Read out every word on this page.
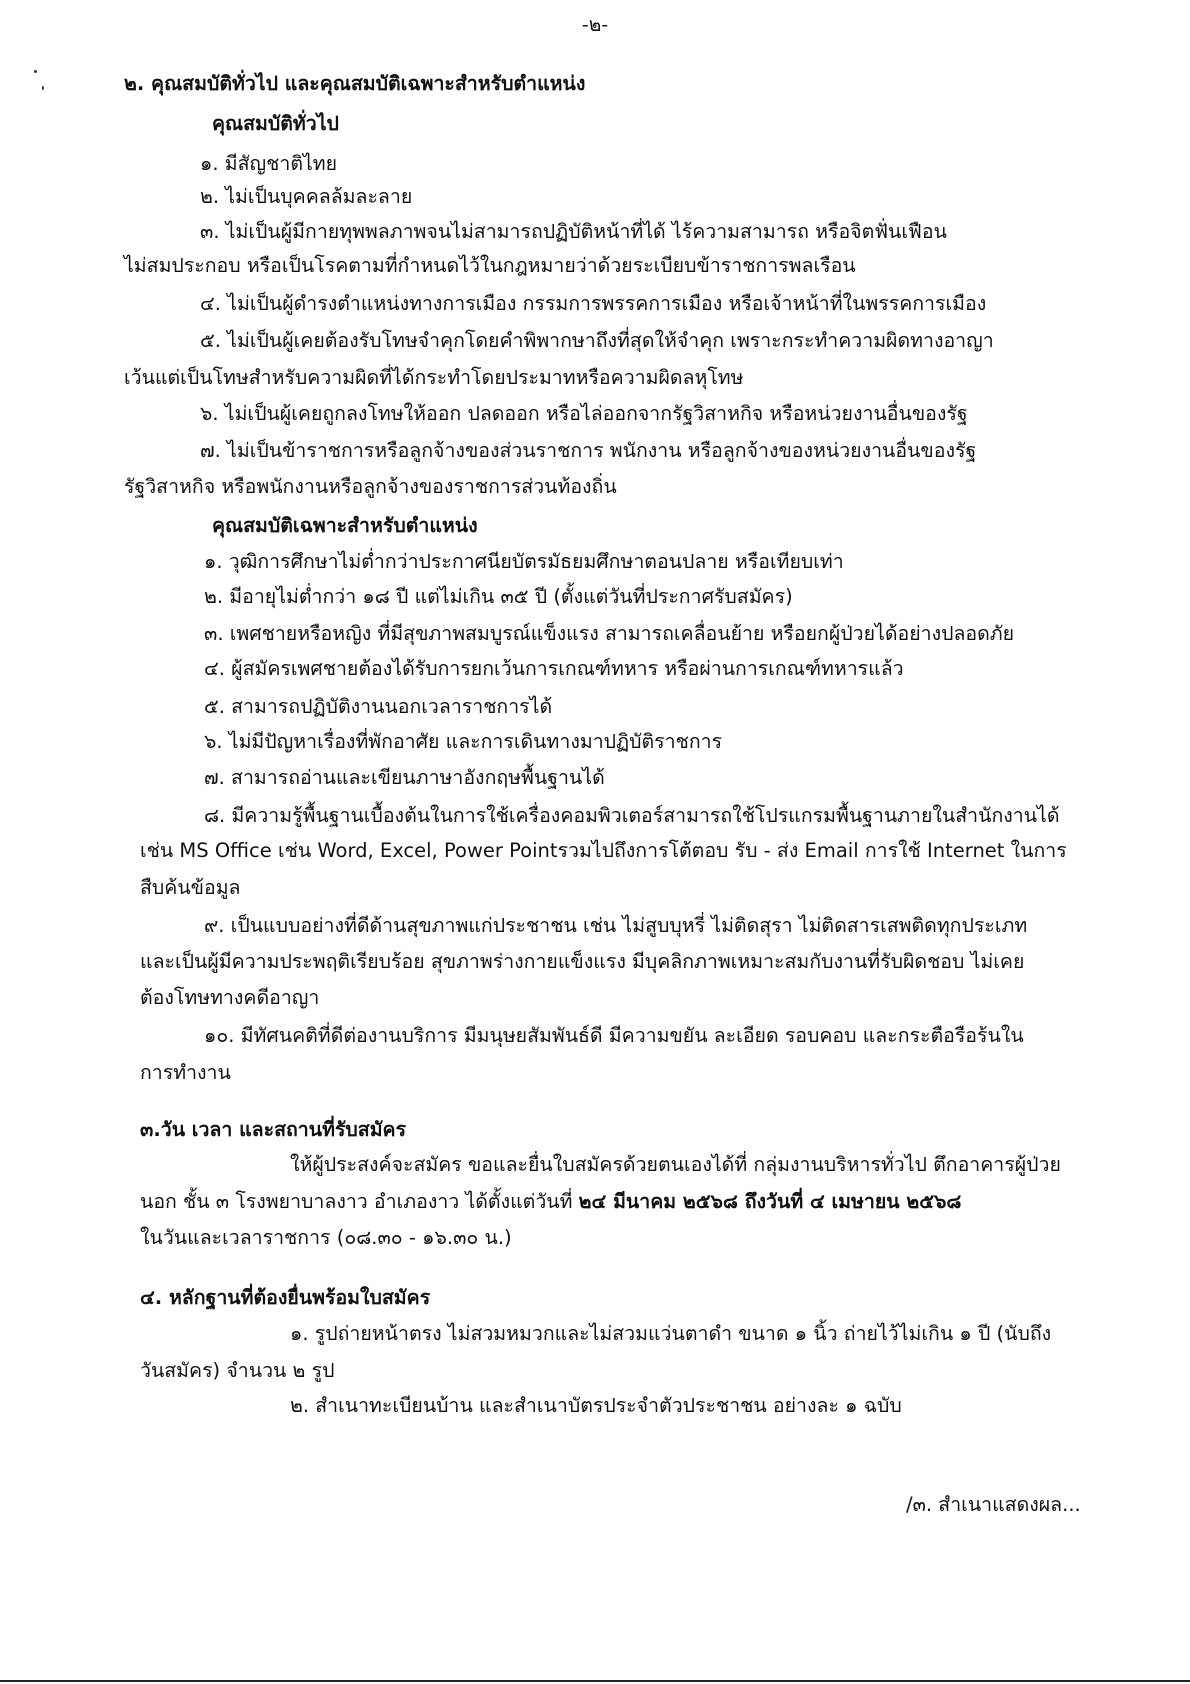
-๒-
๒. คุณสมบัติทั่วไป และคุณสมบัติเฉพาะสำหรับตำแหน่ง
คุณสมบัติทั่วไป
๑. มีสัญชาติไทย
๒. ไม่เป็นบุคคลล้มละลาย
๓. ไม่เป็นผู้มีกายทุพพลภาพจนไม่สามารถปฏิบัติหน้าที่ได้ ไร้ความสามารถ หรือจิตฟั่นเฟือน
ไม่สมประกอบ หรือเป็นโรคตามที่กำหนดไว้ในกฎหมายว่าด้วยระเบียบข้าราชการพลเรือน
๔. ไม่เป็นผู้ดำรงตำแหน่งทางการเมือง กรรมการพรรคการเมือง หรือเจ้าหน้าที่ในพรรคการเมือง
๕. ไม่เป็นผู้เคยต้องรับโทษจำคุกโดยคำพิพากษาถึงที่สุดให้จำคุก เพราะกระทำความผิดทางอาญา
เว้นแต่เป็นโทษสำหรับความผิดที่ได้กระทำโดยประมาทหรือความผิดลหุโทษ
๖. ไม่เป็นผู้เคยถูกลงโทษให้ออก ปลดออก หรือไล่ออกจากรัฐวิสาหกิจ หรือหน่วยงานอื่นของรัฐ
๗. ไม่เป็นข้าราชการหรือลูกจ้างของส่วนราชการ พนักงาน หรือลูกจ้างของหน่วยงานอื่นของรัฐ
รัฐวิสาหกิจ หรือพนักงานหรือลูกจ้างของราชการส่วนท้องถิ่น
คุณสมบัติเฉพาะสำหรับตำแหน่ง
๑. วุฒิการศึกษาไม่ต่ำกว่าประกาศนียบัตรมัธยมศึกษาตอนปลาย หรือเทียบเท่า
๒. มีอายุไม่ต่ำกว่า ๑๘ ปี แต่ไม่เกิน ๓๕ ปี (ตั้งแต่วันที่ประกาศรับสมัคร)
๓. เพศชายหรือหญิง ที่มีสุขภาพสมบูรณ์แข็งแรง สามารถเคลื่อนย้าย หรือยกผู้ป่วยได้อย่างปลอดภัย
๔. ผู้สมัครเพศชายต้องได้รับการยกเว้นการเกณฑ์ทหาร หรือผ่านการเกณฑ์ทหารแล้ว
๕. สามารถปฏิบัติงานนอกเวลาราชการได้
๖. ไม่มีปัญหาเรื่องที่พักอาศัย และการเดินทางมาปฏิบัติราชการ
๗. สามารถอ่านและเขียนภาษาอังกฤษพื้นฐานได้
๘. มีความรู้พื้นฐานเบื้องต้นในการใช้เครื่องคอมพิวเตอร์สามารถใช้โปรแกรมพื้นฐานภายในสำนักงานได้
เช่น MS Office เช่น Word, Excel, Power Pointรวมไปถึงการโต้ตอบ รับ - ส่ง Email การใช้ Internet ในการ
สืบค้นข้อมูล
๙. เป็นแบบอย่างที่ดีด้านสุขภาพแก่ประชาชน เช่น ไม่สูบบุหรี่ ไม่ติดสุรา ไม่ติดสารเสพติดทุกประเภท
และเป็นผู้มีความประพฤติเรียบร้อย สุขภาพร่างกายแข็งแรง มีบุคลิกภาพเหมาะสมกับงานที่รับผิดชอบ ไม่เคย
ต้องโทษทางคดีอาญา
๑๐. มีทัศนคติที่ดีต่องานบริการ มีมนุษยสัมพันธ์ดี มีความขยัน ละเอียด รอบคอบ และกระตือรือร้นใน
การทำงาน
๓.วัน เวลา และสถานที่รับสมัคร
ให้ผู้ประสงค์จะสมัคร ขอและยื่นใบสมัครด้วยตนเองได้ที่ กลุ่มงานบริหารทั่วไป ตึกอาคารผู้ป่วย
นอก ชั้น ๓ โรงพยาบาลงาว อำเภองาว ได้ตั้งแต่วันที่ ๒๔ มีนาคม ๒๕๖๘ ถึงวันที่ ๔ เมษายน ๒๕๖๘
ในวันและเวลาราชการ (๐๘.๓๐ - ๑๖.๓๐ น.)
๔. หลักฐานที่ต้องยื่นพร้อมใบสมัคร
๑. รูปถ่ายหน้าตรง ไม่สวมหมวกและไม่สวมแว่นตาดำ ขนาด ๑ นิ้ว ถ่ายไว้ไม่เกิน ๑ ปี (นับถึง
วันสมัคร) จำนวน ๒ รูป
๒. สำเนาทะเบียนบ้าน และสำเนาบัตรประจำตัวประชาชน อย่างละ ๑ ฉบับ
/๓. สำเนาแสดงผล...
